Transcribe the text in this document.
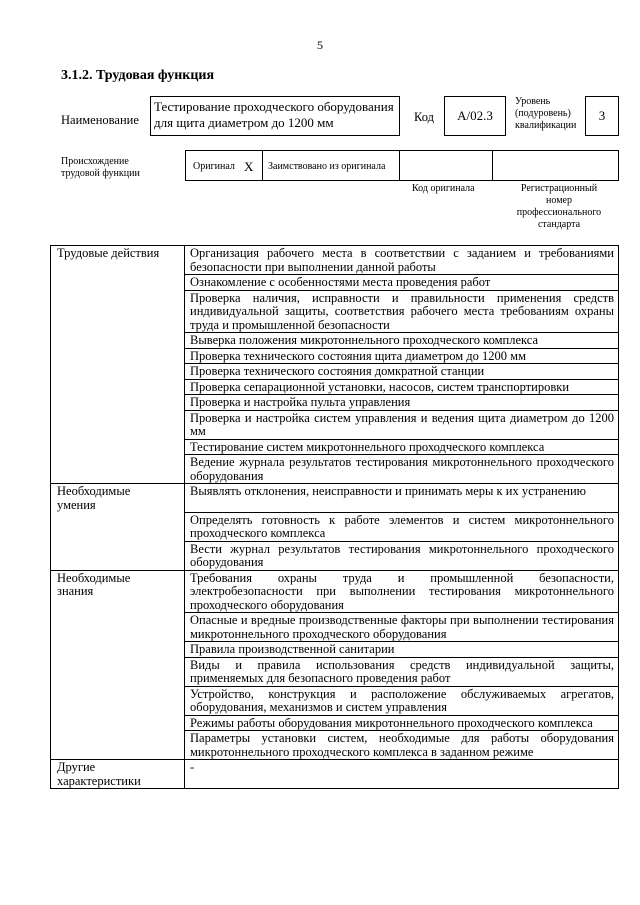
5
3.1.2. Трудовая функция
Наименование
Тестирование проходческого оборудования
для щита диаметром до 1200 мм	Код	А/02.3
Уровень
(подуровень)
квалификации
3
Происхождение
трудовой функции
Оригинал X Заимствовано из оригинала
Код оригинала	Регистрационный
номер
профессионального
стандарта
Трудовые действия	Организация рабочего места в соответствии с заданием и требованиями безопасности при выполнении данной работы
	Ознакомление с особенностями места проведения работ
	Проверка наличия, исправности и правильности применения средств индивидуальной защиты, соответствия рабочего места требованиям охраны труда и промышленной безопасности
	Выверка положения микротоннельного проходческого комплекса
	Проверка технического состояния щита диаметром до 1200 мм
	Проверка технического состояния домкратной станции
	Проверка сепарационной установки, насосов, систем транспортировки
	Проверка и настройка пульта управления
	Проверка и настройка систем управления и ведения щита диаметром до 1200 мм
	Тестирование систем микротоннельного проходческого комплекса
	Ведение журнала результатов тестирования микротоннельного проходческого оборудования

Необходимые
умения	Выявлять отклонения, неисправности и принимать меры к их устранению
	Определять готовность к работе элементов и систем микротоннельного проходческого комплекса
	Вести журнал результатов тестирования микротоннельного проходческого оборудования

Необходимые
знания	Требования охраны труда и промышленной безопасности, электробезопасности при выполнении тестирования микротоннельного проходческого оборудования
	Опасные и вредные производственные факторы при выполнении тестирования микротоннельного проходческого оборудования
	Правила производственной санитарии
	Виды и правила использования средств индивидуальной защиты, применяемых для безопасного проведения работ
	Устройство, конструкция и расположение обслуживаемых агрегатов, оборудования, механизмов и систем управления
	Режимы работы оборудования микротоннельного проходческого комплекса
	Параметры установки систем, необходимые для работы оборудования микротоннельного проходческого комплекса в заданном режиме

Другие
характеристики	-
